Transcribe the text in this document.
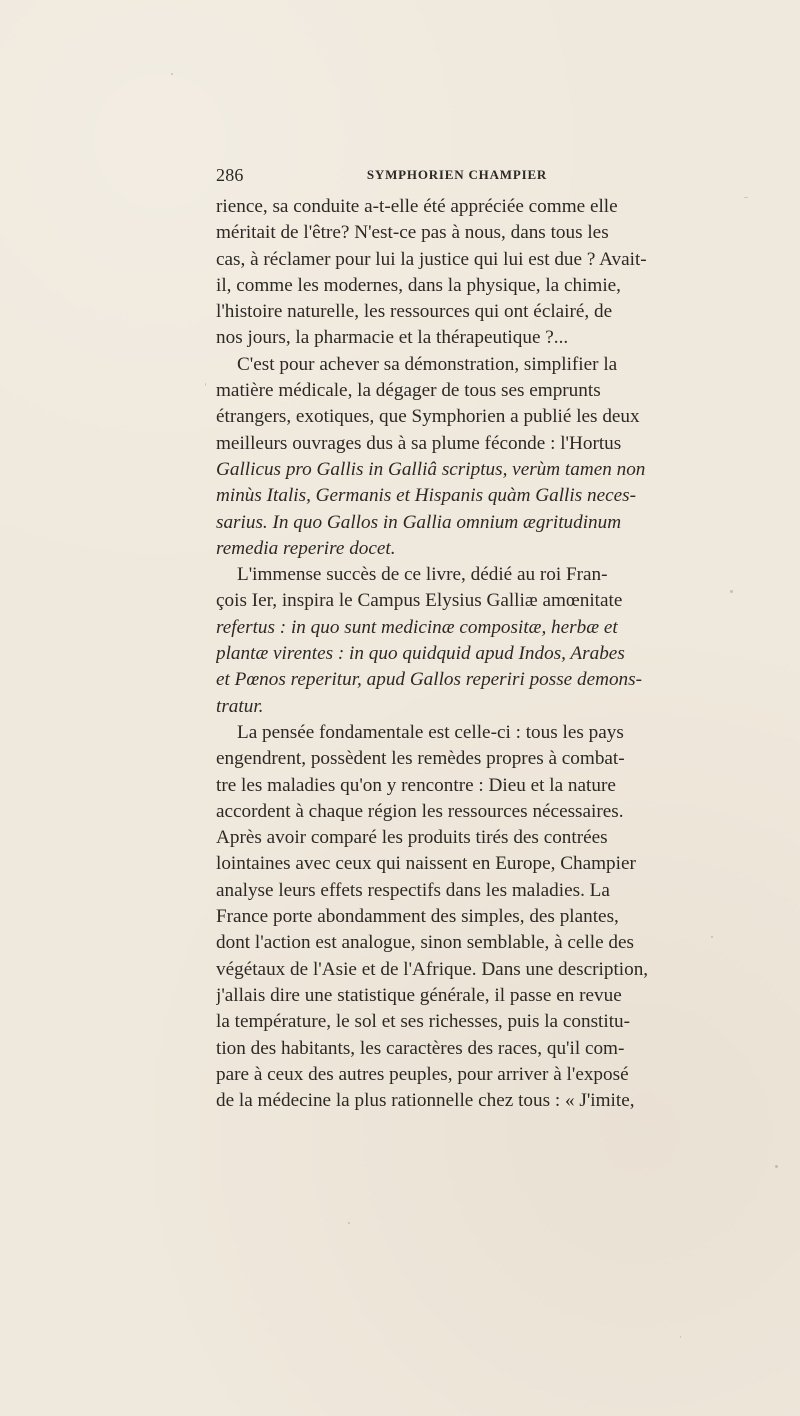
286	SYMPHORIEN CHAMPIER
rience, sa conduite a-t-elle été appréciée comme elle
méritait de l'être? N'est-ce pas à nous, dans tous les
cas, à réclamer pour lui la justice qui lui est due ? Avait-
il, comme les modernes, dans la physique, la chimie,
l'histoire naturelle, les ressources qui ont éclairé, de
nos jours, la pharmacie et la thérapeutique ?...
C'est pour achever sa démonstration, simplifier la
matière médicale, la dégager de tous ses emprunts
étrangers, exotiques, que Symphorien a publié les deux
meilleurs ouvrages dus à sa plume féconde : l'Hortus
Gallicus pro Gallis in Galliâ scriptus, verùm tamen non
minùs Italis, Germanis et Hispanis quàm Gallis neces-
sarius. In quo Gallos in Gallia omnium ægritudinum
remedia reperire docet.
L'immense succès de ce livre, dédié au roi Fran-
çois Ier, inspira le Campus Elysius Galliæ amœnitate
refertus : in quo sunt medicinæ compositæ, herbæ et
plantæ virentes : in quo quidquid apud Indos, Arabes
et Pœnos reperitur, apud Gallos reperiri posse demons-
tratur.
La pensée fondamentale est celle-ci : tous les pays
engendrent, possèdent les remèdes propres à combat-
tre les maladies qu'on y rencontre : Dieu et la nature
accordent à chaque région les ressources nécessaires.
Après avoir comparé les produits tirés des contrées
lointaines avec ceux qui naissent en Europe, Champier
analyse leurs effets respectifs dans les maladies. La
France porte abondamment des simples, des plantes,
dont l'action est analogue, sinon semblable, à celle des
végétaux de l'Asie et de l'Afrique. Dans une description,
j'allais dire une statistique générale, il passe en revue
la température, le sol et ses richesses, puis la constitu-
tion des habitants, les caractères des races, qu'il com-
pare à ceux des autres peuples, pour arriver à l'exposé
de la médecine la plus rationnelle chez tous : « J'imite,
